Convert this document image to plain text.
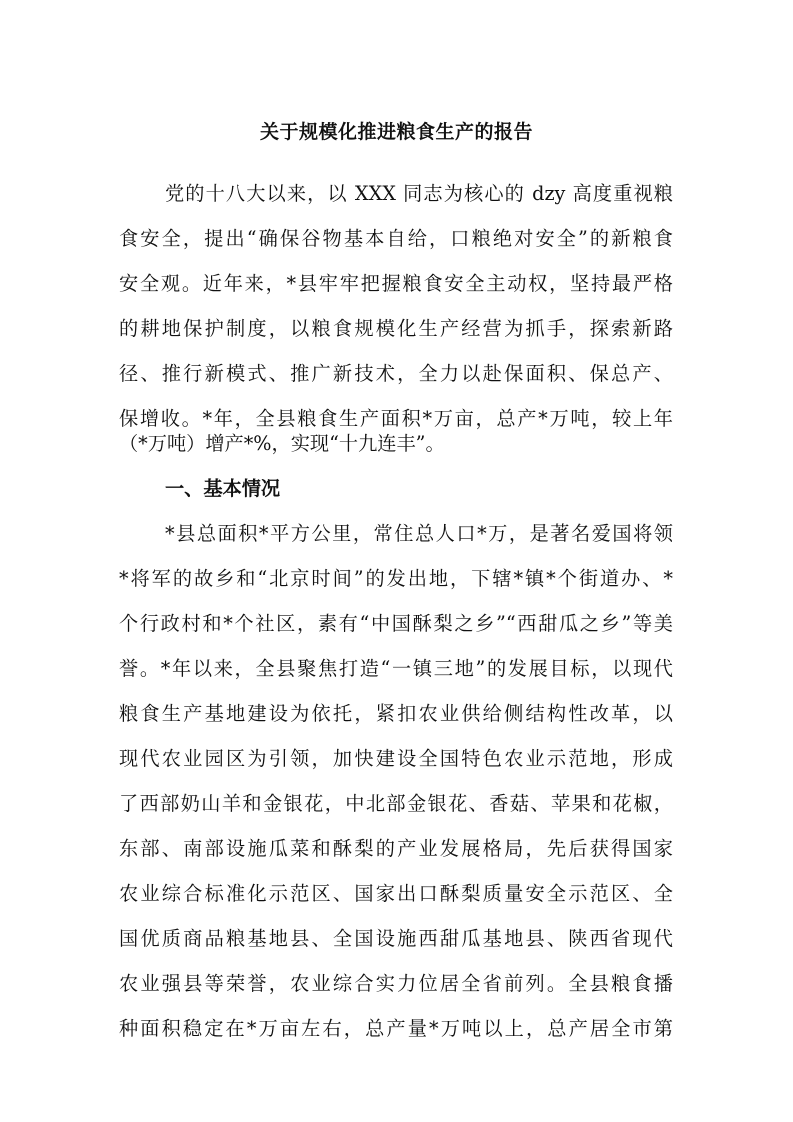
关于规模化推进粮食生产的报告
党的十八大以来，以 XXX 同志为核心的 dzy 高度重视粮
食安全，提出“确保谷物基本自给，口粮绝对安全”的新粮食
安全观。近年来，*县牢牢把握粮食安全主动权，坚持最严格
的耕地保护制度，以粮食规模化生产经营为抓手，探索新路
径、推行新模式、推广新技术，全力以赴保面积、保总产、
保增收。*年，全县粮食生产面积*万亩，总产*万吨，较上年
（*万吨）增产*%，实现“十九连丰”。
一、基本情况
*县总面积*平方公里，常住总人口*万，是著名爱国将领
*将军的故乡和“北京时间”的发出地，下辖*镇*个街道办、*
个行政村和*个社区，素有“中国酥梨之乡”“西甜瓜之乡”等美
誉。*年以来，全县聚焦打造“一镇三地”的发展目标，以现代
粮食生产基地建设为依托，紧扣农业供给侧结构性改革，以
现代农业园区为引领，加快建设全国特色农业示范地，形成
了西部奶山羊和金银花，中北部金银花、香菇、苹果和花椒，
东部、南部设施瓜菜和酥梨的产业发展格局，先后获得国家
农业综合标准化示范区、国家出口酥梨质量安全示范区、全
国优质商品粮基地县、全国设施西甜瓜基地县、陕西省现代
农业强县等荣誉，农业综合实力位居全省前列。全县粮食播
种面积稳定在*万亩左右，总产量*万吨以上，总产居全市第
